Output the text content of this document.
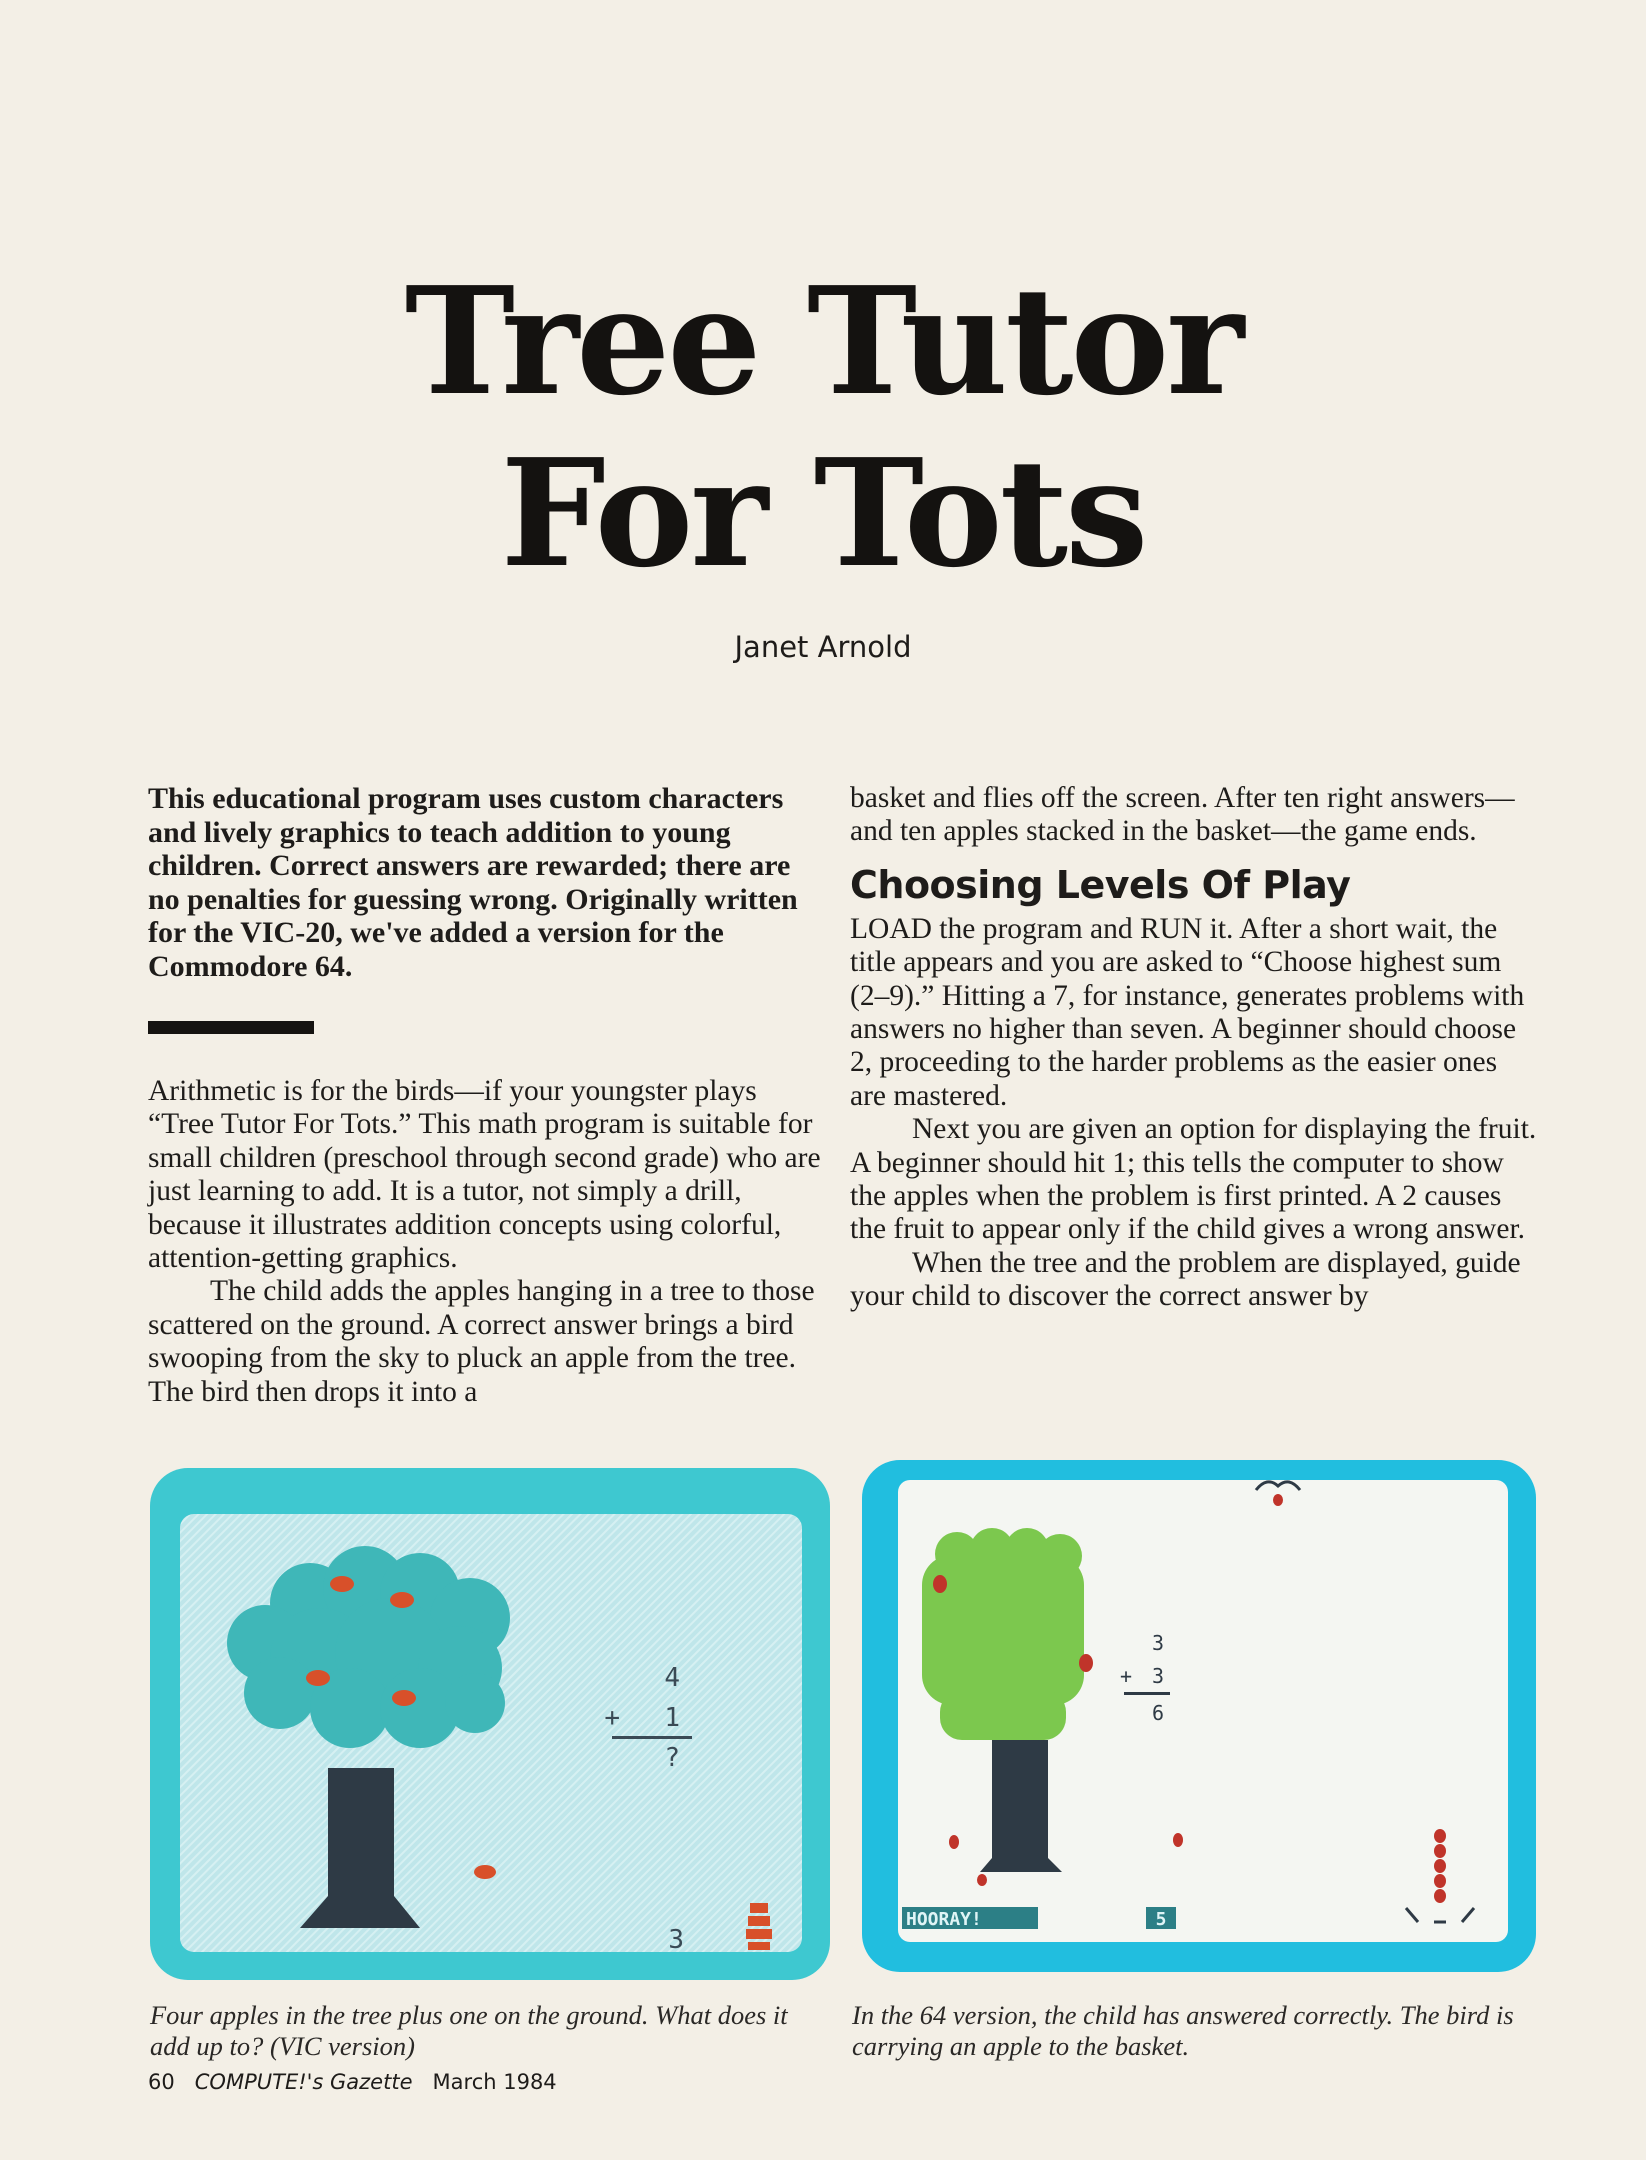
Tree Tutor
For Tots
Janet Arnold

This educational program uses custom characters and lively graphics to teach addition to young children. Correct answers are rewarded; there are no penalties for guessing wrong. Originally written for the VIC-20, we've added a version for the Commodore 64.

Arithmetic is for the birds—if your youngster plays “Tree Tutor For Tots.” This math program is suitable for small children (preschool through second grade) who are just learning to add. It is a tutor, not simply a drill, because it illustrates addition concepts using colorful, attention-getting graphics.

The child adds the apples hanging in a tree to those scattered on the ground. A correct answer brings a bird swooping from the sky to pluck an apple from the tree. The bird then drops it into a

basket and flies off the screen. After ten right answers—and ten apples stacked in the basket—the game ends.

Choosing Levels Of Play

LOAD the program and RUN it. After a short wait, the title appears and you are asked to “Choose highest sum (2–9).” Hitting a 7, for instance, generates problems with answers no higher than seven. A beginner should choose 2, proceeding to the harder problems as the easier ones are mastered.

Next you are given an option for displaying the fruit. A beginner should hit 1; this tells the computer to show the apples when the problem is first printed. A 2 causes the fruit to appear only if the child gives a wrong answer.

When the tree and the problem are displayed, guide your child to discover the correct answer by

4
+ 1
?
3
3
+ 3
6
HOORAY!	5
Four apples in the tree plus one on the ground. What does it add up to? (VIC version)
In the 64 version, the child has answered correctly. The bird is carrying an apple to the basket.
60 COMPUTE!'s Gazette March 1984
